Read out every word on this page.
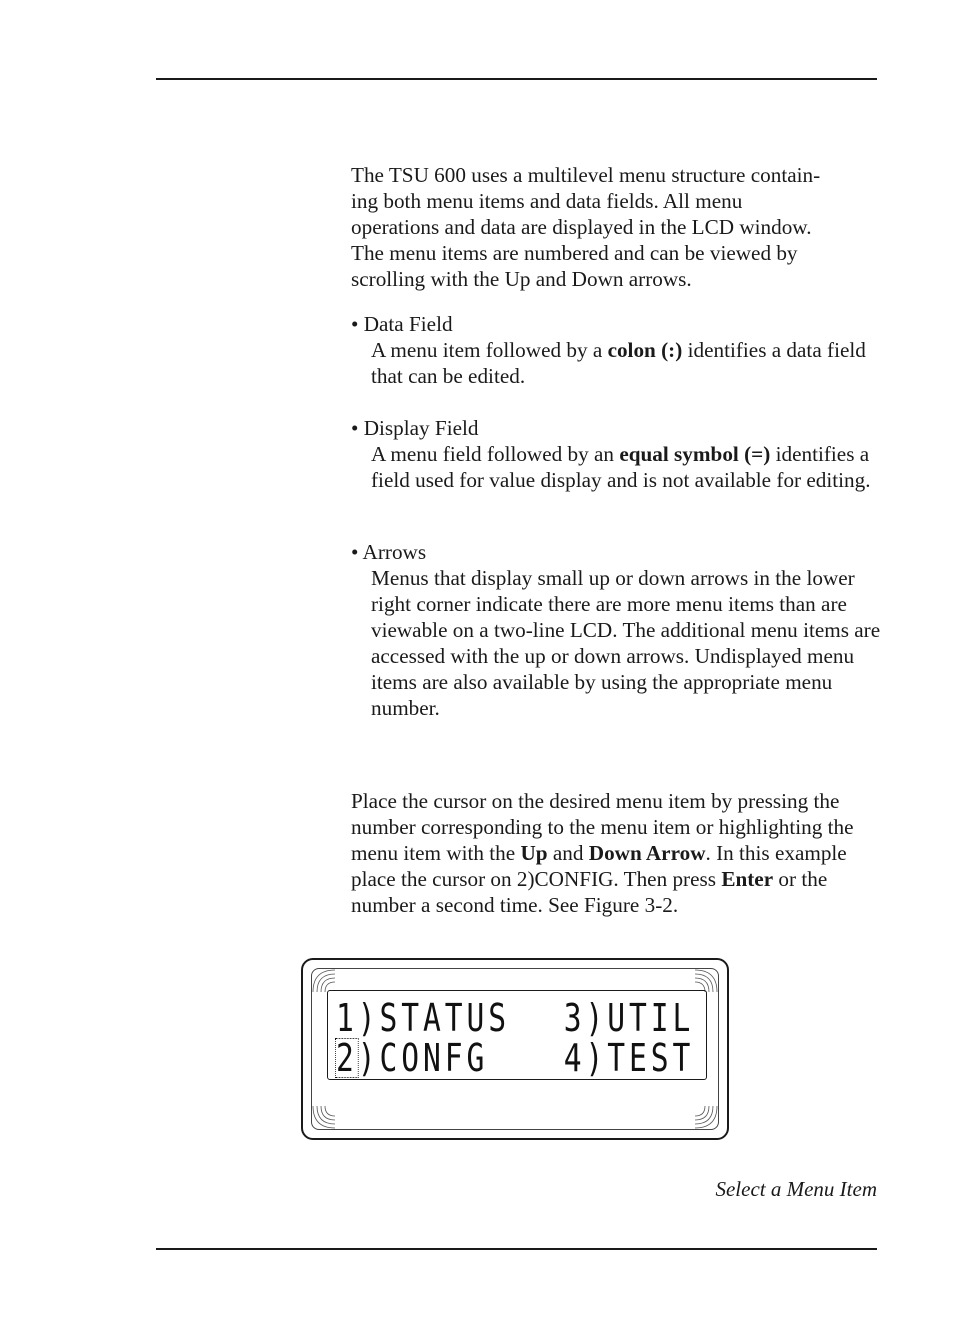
The TSU 600 uses a multilevel menu structure contain-
ing both menu items and data fields. All menu
operations and data are displayed in the LCD window.
The menu items are numbered and can be viewed by
scrolling with the Up and Down arrows.

• Data Field
A menu item followed by a colon (:) identifies a data field that can be edited.
• Display Field
A menu field followed by an equal symbol (=) identifies a field used for value display and is not available for editing.
• Arrows
Menus that display small up or down arrows in the lower right corner indicate there are more menu items than are viewable on a two-line LCD. The additional menu items are accessed with the up or down arrows. Undisplayed menu items are also available by using the appropriate menu number.

Place the cursor on the desired menu item by pressing the number corresponding to the menu item or highlighting the menu item with the Up and Down Arrow. In this example place the cursor on 2)CONFIG. Then press Enter or the number a second time. See Figure 3-2.

1)STATUS 3)UTIL
2)CONFG 4)TEST
Select a Menu Item
